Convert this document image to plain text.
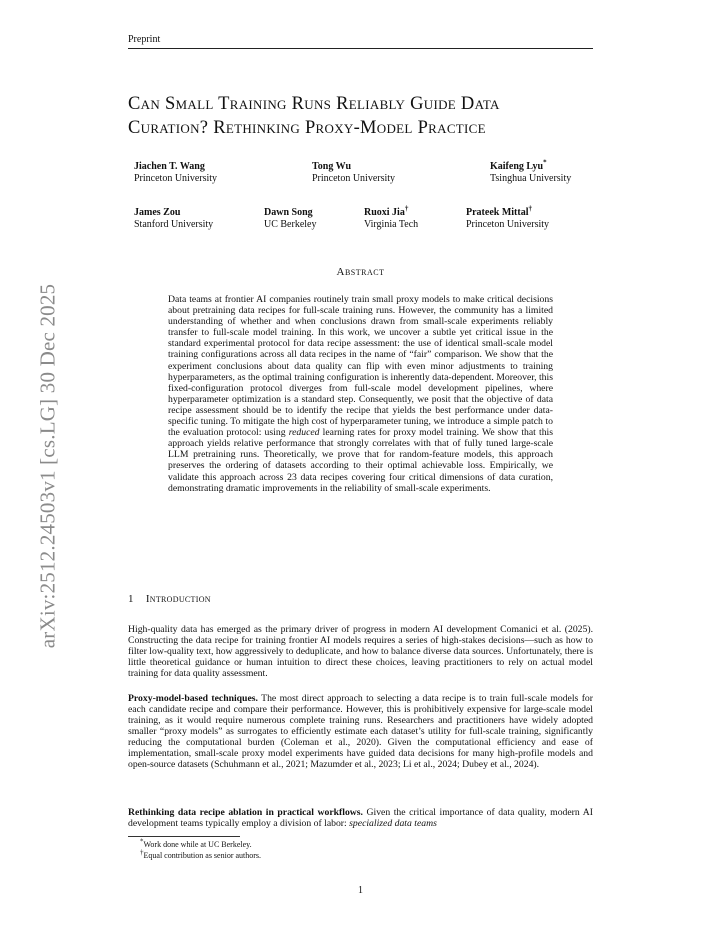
Preprint
arXiv:2512.24503v1 [cs.LG] 30 Dec 2025
Can Small Training Runs Reliably Guide Data
Curation? Rethinking Proxy-Model Practice
Jiachen T. Wang
Princeton University
Tong Wu
Princeton University
Kaifeng Lyu*
Tsinghua University
James Zou
Stanford University
Dawn Song
UC Berkeley
Ruoxi Jia†
Virginia Tech
Prateek Mittal†
Princeton University
Abstract
Data teams at frontier AI companies routinely train small proxy models to make critical decisions about pretraining data recipes for full-scale training runs. However, the community has a limited understanding of whether and when conclusions drawn from small-scale experiments reliably transfer to full-scale model training. In this work, we uncover a subtle yet critical issue in the standard experimental protocol for data recipe assessment: the use of identical small-scale model training configurations across all data recipes in the name of “fair” comparison. We show that the experiment conclusions about data quality can flip with even minor adjustments to training hyperparameters, as the optimal training configuration is inherently data-dependent. Moreover, this fixed-configuration protocol diverges from full-scale model development pipelines, where hyperparameter optimization is a standard step. Consequently, we posit that the objective of data recipe assessment should be to identify the recipe that yields the best performance under data-specific tuning. To mitigate the high cost of hyperparameter tuning, we introduce a simple patch to the evaluation protocol: using reduced learning rates for proxy model training. We show that this approach yields relative performance that strongly correlates with that of fully tuned large-scale LLM pretraining runs. Theoretically, we prove that for random-feature models, this approach preserves the ordering of datasets according to their optimal achievable loss. Empirically, we validate this approach across 23 data recipes covering four critical dimensions of data curation, demonstrating dramatic improvements in the reliability of small-scale experiments.
1 Introduction
High-quality data has emerged as the primary driver of progress in modern AI development Comanici et al. (2025). Constructing the data recipe for training frontier AI models requires a series of high-stakes decisions—such as how to filter low-quality text, how aggressively to deduplicate, and how to balance diverse data sources. Unfortunately, there is little theoretical guidance or human intuition to direct these choices, leaving practitioners to rely on actual model training for data quality assessment.
Proxy-model-based techniques. The most direct approach to selecting a data recipe is to train full-scale models for each candidate recipe and compare their performance. However, this is prohibitively expensive for large-scale model training, as it would require numerous complete training runs. Researchers and practitioners have widely adopted smaller “proxy models” as surrogates to efficiently estimate each dataset’s utility for full-scale training, significantly reducing the computational burden (Coleman et al., 2020). Given the computational efficiency and ease of implementation, small-scale proxy model experiments have guided data decisions for many high-profile models and open-source datasets (Schuhmann et al., 2021; Mazumder et al., 2023; Li et al., 2024; Dubey et al., 2024).
Rethinking data recipe ablation in practical workflows. Given the critical importance of data quality, modern AI development teams typically employ a division of labor: specialized data teams
*Work done while at UC Berkeley.
†Equal contribution as senior authors.
1
